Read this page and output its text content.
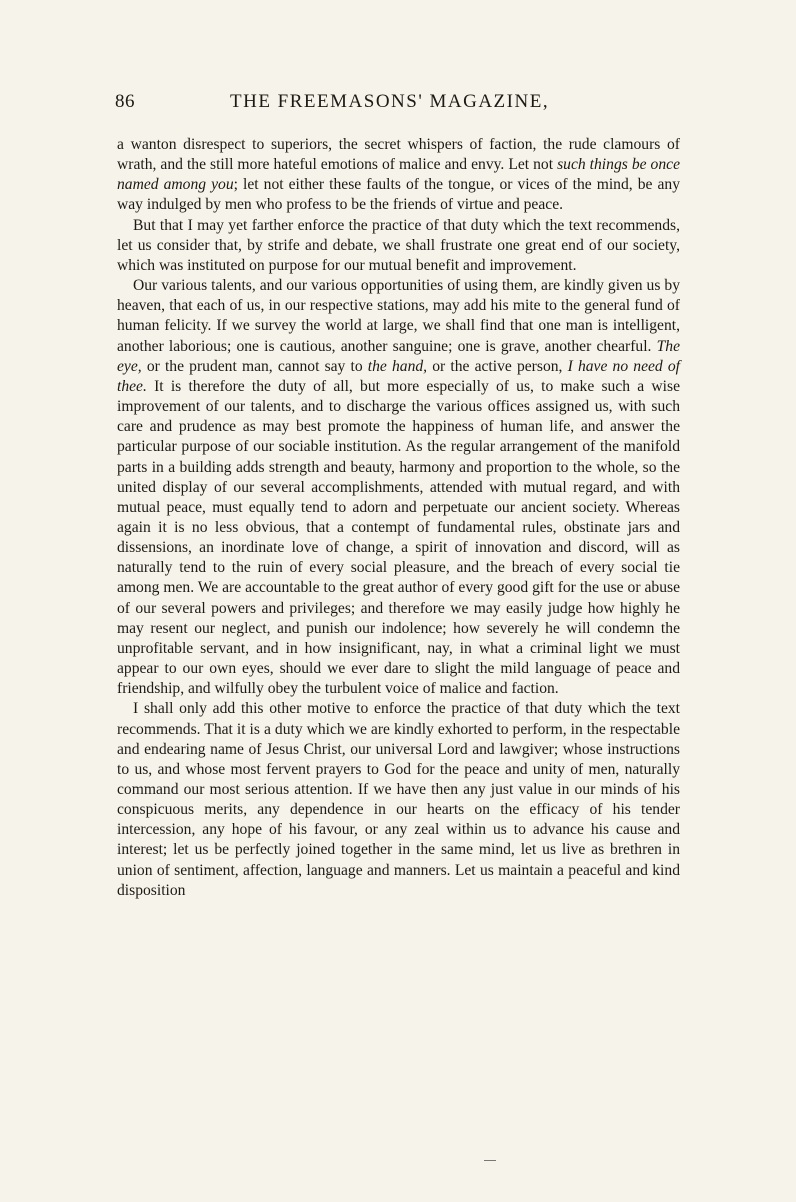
86	THE FREEMASONS' MAGAZINE,

a wanton disrespect to superiors, the secret whispers of faction, the rude clamours of wrath, and the still more hateful emotions of malice and envy. Let not such things be once named among you; let not either these faults of the tongue, or vices of the mind, be any way indulged by men who profess to be the friends of virtue and peace.

But that I may yet farther enforce the practice of that duty which the text recommends, let us consider that, by strife and debate, we shall frustrate one great end of our society, which was instituted on purpose for our mutual benefit and improvement.

Our various talents, and our various opportunities of using them, are kindly given us by heaven, that each of us, in our respective stations, may add his mite to the general fund of human felicity. If we survey the world at large, we shall find that one man is intelligent, another laborious; one is cautious, another sanguine; one is grave, another chearful. The eye, or the prudent man, cannot say to the hand, or the active person, I have no need of thee. It is therefore the duty of all, but more especially of us, to make such a wise improvement of our talents, and to discharge the various offices assigned us, with such care and prudence as may best promote the happiness of human life, and answer the particular purpose of our sociable institution. As the regular arrangement of the manifold parts in a building adds strength and beauty, harmony and proportion to the whole, so the united display of our several accomplishments, attended with mutual regard, and with mutual peace, must equally tend to adorn and perpetuate our ancient society. Whereas again it is no less obvious, that a contempt of fundamental rules, obstinate jars and dissensions, an inordinate love of change, a spirit of innovation and discord, will as naturally tend to the ruin of every social pleasure, and the breach of every social tie among men. We are accountable to the great author of every good gift for the use or abuse of our several powers and privileges; and therefore we may easily judge how highly he may resent our neglect, and punish our indolence; how severely he will condemn the unprofitable servant, and in how insignificant, nay, in what a criminal light we must appear to our own eyes, should we ever dare to slight the mild language of peace and friendship, and wilfully obey the turbulent voice of malice and faction.

I shall only add this other motive to enforce the practice of that duty which the text recommends. That it is a duty which we are kindly exhorted to perform, in the respectable and endearing name of Jesus Christ, our universal Lord and lawgiver; whose instructions to us, and whose most fervent prayers to God for the peace and unity of men, naturally command our most serious attention. If we have then any just value in our minds of his conspicuous merits, any dependence in our hearts on the efficacy of his tender intercession, any hope of his favour, or any zeal within us to advance his cause and interest; let us be perfectly joined together in the same mind, let us live as brethren in union of sentiment, affection, language and manners. Let us maintain a peaceful and kind disposition
